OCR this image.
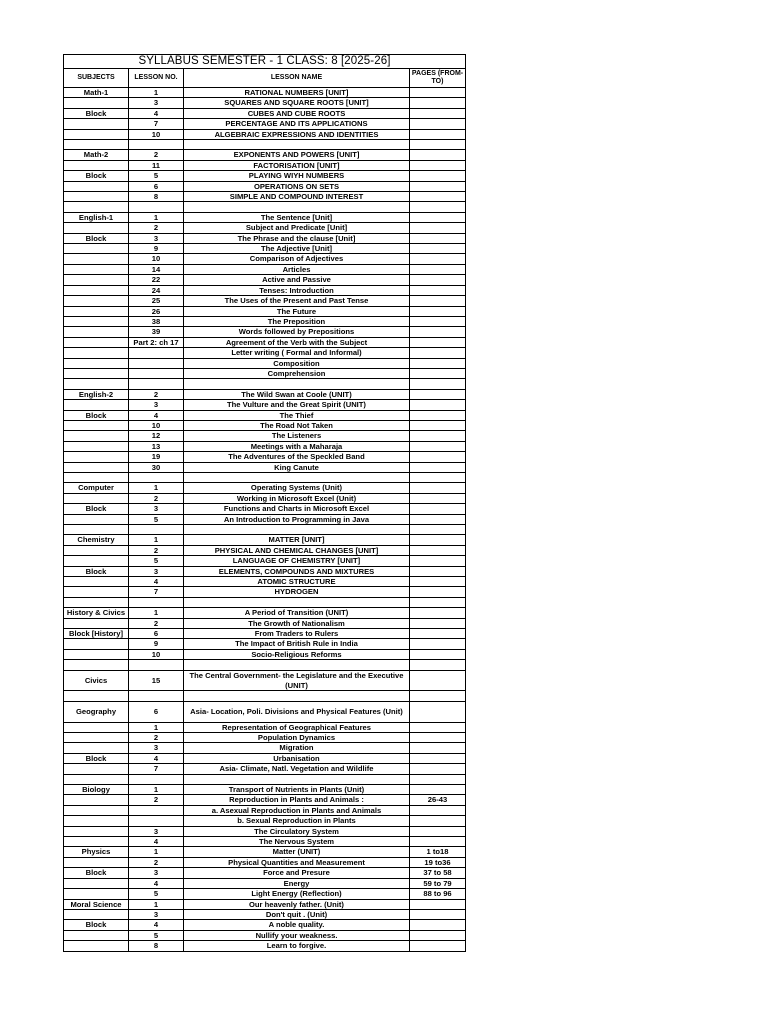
SYLLABUS SEMESTER - 1 CLASS: 8 [2025-26]			
SUBJECTS	LESSON NO.	LESSON NAME	PAGES (FROM- TO)
Math-1	1	RATIONAL NUMBERS [UNIT]	
	3	SQUARES AND SQUARE ROOTS [UNIT]	
Block	4	CUBES AND CUBE ROOTS	
	7	PERCENTAGE AND ITS APPLICATIONS	
	10	ALGEBRAIC EXPRESSIONS AND IDENTITIES	

Math-2	2	EXPONENTS AND POWERS [UNIT]	
	11	FACTORISATION [UNIT]	
Block	5	PLAYING WIYH NUMBERS	
	6	OPERATIONS ON SETS	
	8	SIMPLE AND COMPOUND INTEREST	

English-1	1	The Sentence [Unit]	
	2	Subject and Predicate [Unit]	
Block	3	The Phrase and the clause [Unit]	
	9	The Adjective [Unit]	
	10	Comparison of Adjectives	
	14	Articles	
	22	Active and Passive	
	24	Tenses: Introduction	
	25	The Uses of the Present and Past Tense	
	26	The Future	
	38	The Preposition	
	39	Words followed by Prepositions	
	Part 2: ch 17	Agreement of the Verb with the Subject	
		Letter writing ( Formal and Informal)	
		Composition	
		Comprehension	

English-2	2	The Wild Swan at Coole (UNIT)	
	3	The Vulture and the Great Spirit (UNIT)	
Block	4	The Thief	
	10	The Road Not Taken	
	12	The Listeners	
	13	Meetings with a Maharaja	
	19	The Adventures of the Speckled Band	
	30	King Canute	

Computer	1	Operating Systems (Unit)	
	2	Working in Microsoft Excel (Unit)	
Block	3	Functions and Charts in Microsoft Excel	
	5	An Introduction to Programming in Java	

Chemistry	1	MATTER [UNIT]	
	2	PHYSICAL AND CHEMICAL CHANGES [UNIT]	
	5	LANGUAGE OF CHEMISTRY [UNIT]	
Block	3	ELEMENTS, COMPOUNDS AND MIXTURES	
	4	ATOMIC STRUCTURE	
	7	HYDROGEN	

History & Civics	1	A Period of Transition (UNIT)	
	2	The Growth of Nationalism	
Block [History]	6	From Traders to Rulers	
	9	The Impact of British Rule in India	
	10	Socio-Religious Reforms	

Civics	15	The Central Government- the Legislature and the Executive (UNIT)	

Geography	6	Asia- Location, Poli. Divisions and Physical Features (Unit)	
	1	Representation of Geographical Features	
	2	Population Dynamics	
	3	Migration	
Block	4	Urbanisation	
	7	Asia- Climate, Natl. Vegetation and Wildlife	

Biology	1	Transport of Nutrients in Plants (Unit)	
	2	Reproduction in Plants and Animals :	26-43
		a. Asexual Reproduction in Plants and Animals	
		b. Sexual Reproduction in Plants	
	3	The Circulatory System	
	4	The Nervous System	
Physics	1	Matter (UNIT)	1 to18
	2	Physical Quantities and Measurement	19 to36
Block	3	Force and Presure	37 to 58
	4	Energy	59 to 79
	5	Light Energy (Reflection)	88 to 96
Moral Science	1	Our heavenly father. (Unit)	
	3	Don't quit . (Unit)	
Block	4	A noble quality.	
	5	Nullify your weakness.	
	8	Learn to forgive.	
